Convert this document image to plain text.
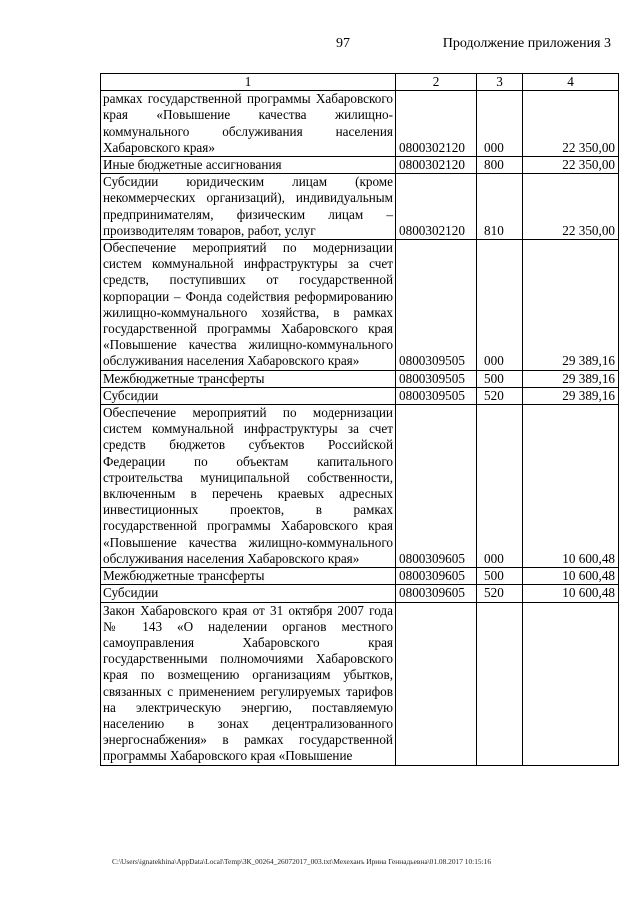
97	Продолжение приложения 3
1	2	3	4
рамках государственной программы Хабаровского края «Повышение качества жилищно-коммунального обслуживания населения Хабаровского края»	0800302120	000	22 350,00
Иные бюджетные ассигнования	0800302120	800	22 350,00
Субсидии юридическим лицам (кроме некоммерческих организаций), индивидуальным предпринимателям, физическим лицам – производителям товаров, работ, услуг	0800302120	810	22 350,00
Обеспечение мероприятий по модернизации систем коммунальной инфраструктуры за счет средств, поступивших от государственной корпорации – Фонда содействия реформированию жилищно-коммунального хозяйства, в рамках государственной программы Хабаровского края «Повышение качества жилищно-коммунального обслуживания населения Хабаровского края»	0800309505	000	29 389,16
Межбюджетные трансферты	0800309505	500	29 389,16
Субсидии	0800309505	520	29 389,16
Обеспечение мероприятий по модернизации систем коммунальной инфраструктуры за счет средств бюджетов субъектов Российской Федерации по объектам капитального строительства муниципальной собственности, включенным в перечень краевых адресных инвестиционных проектов, в рамках государственной программы Хабаровского края «Повышение качества жилищно-коммунального обслуживания населения Хабаровского края»	0800309605	000	10 600,48
Межбюджетные трансферты	0800309605	500	10 600,48
Субсидии	0800309605	520	10 600,48
Закон Хабаровского края от 31 октября 2007 года № 143 «О наделении органов местного самоуправления Хабаровского края государственными полномочиями Хабаровского края по возмещению организациям убытков, связанных с применением регулируемых тарифов на электрическую энергию, поставляемую населению в зонах децентрализованного энергоснабжения» в рамках государственной программы Хабаровского края «Повышение			
C:\Users\ignatekhina\AppData\Local\Temp\ЗК_00264_26072017_003.txt\Мехеханъ Ирина Геннадьевна\01.08.2017 10:15:16
